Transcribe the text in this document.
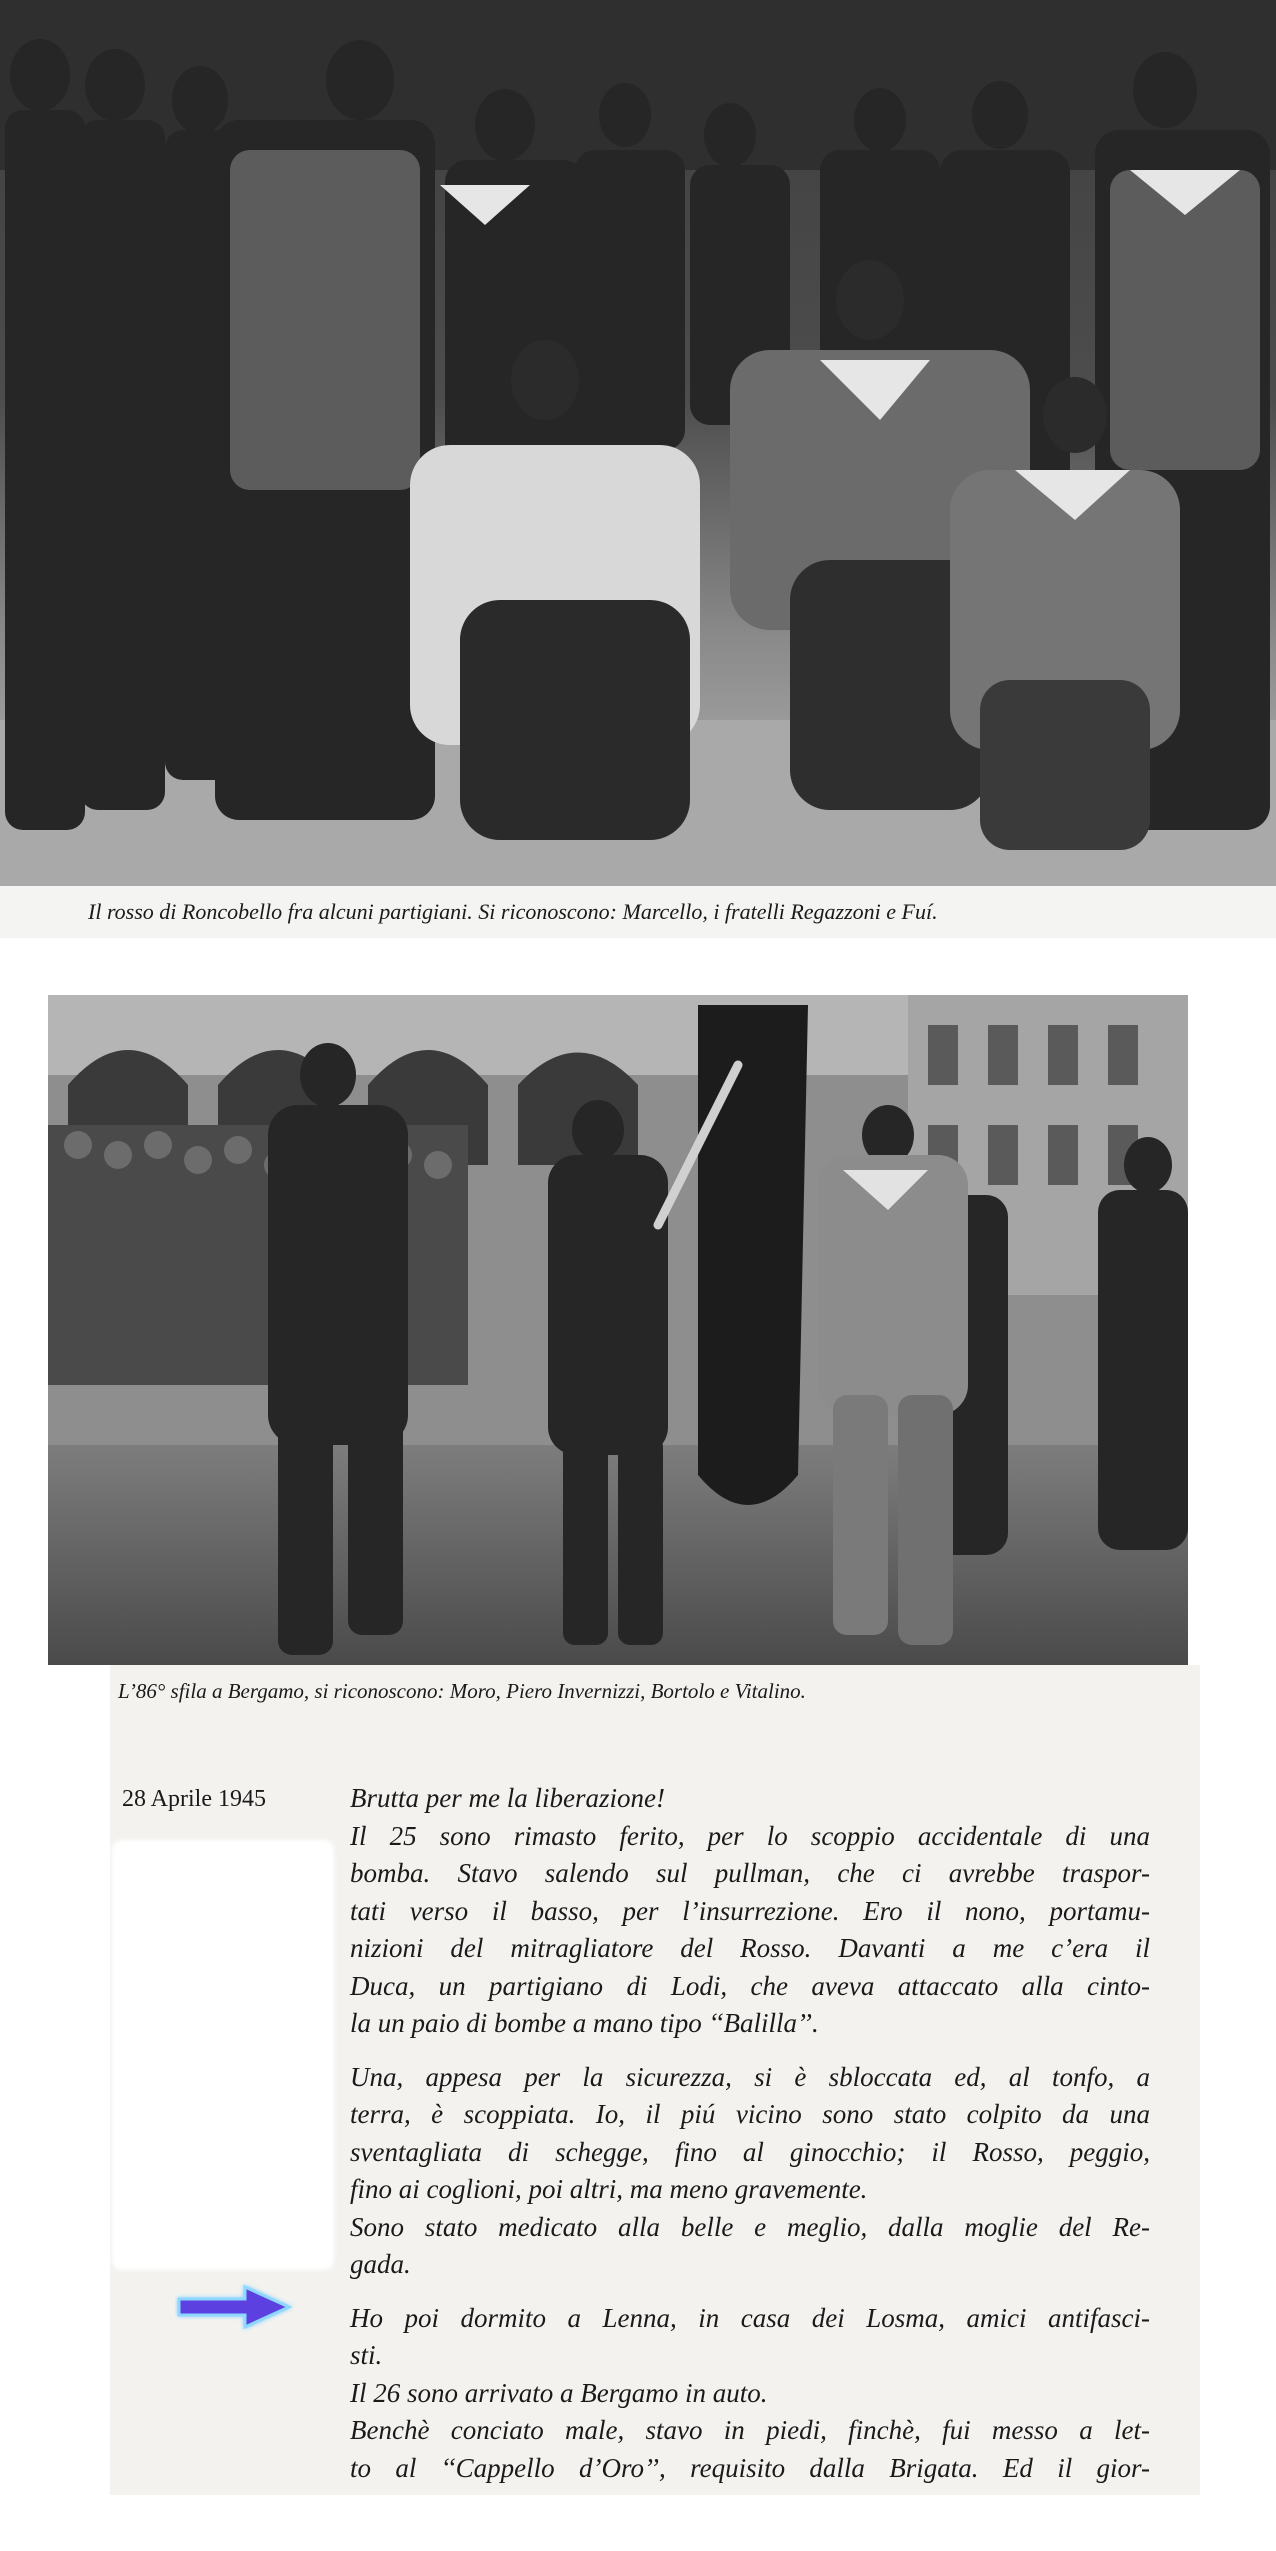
Il rosso di Roncobello fra alcuni partigiani. Si riconoscono: Marcello, i fratelli Regazzoni e Fuí.
L’86° sfila a Bergamo, si riconoscono: Moro, Piero Invernizzi, Bortolo e Vitalino.
28 Aprile 1945	Brutta per me la liberazione!
Il 25 sono rimasto ferito, per lo scoppio accidentale di una
bomba. Stavo salendo sul pullman, che ci avrebbe traspor-
tati verso il basso, per l’insurrezione. Ero il nono, portamu-
nizioni del mitragliatore del Rosso. Davanti a me c’era il
Duca, un partigiano di Lodi, che aveva attaccato alla cinto-
la un paio di bombe a mano tipo ‘‘Balilla’’.
Una, appesa per la sicurezza, si è sbloccata ed, al tonfo, a
terra, è scoppiata. Io, il piú vicino sono stato colpito da una
sventagliata di schegge, fino al ginocchio; il Rosso, peggio,
fino ai coglioni, poi altri, ma meno gravemente.
Sono stato medicato alla belle e meglio, dalla moglie del Re-
gada.
Ho poi dormito a Lenna, in casa dei Losma, amici antifasci-
sti.
Il 26 sono arrivato a Bergamo in auto.
Benchè conciato male, stavo in piedi, finchè, fui messo a let-
to al ‘‘Cappello d’Oro’’, requisito dalla Brigata. Ed il gior-
